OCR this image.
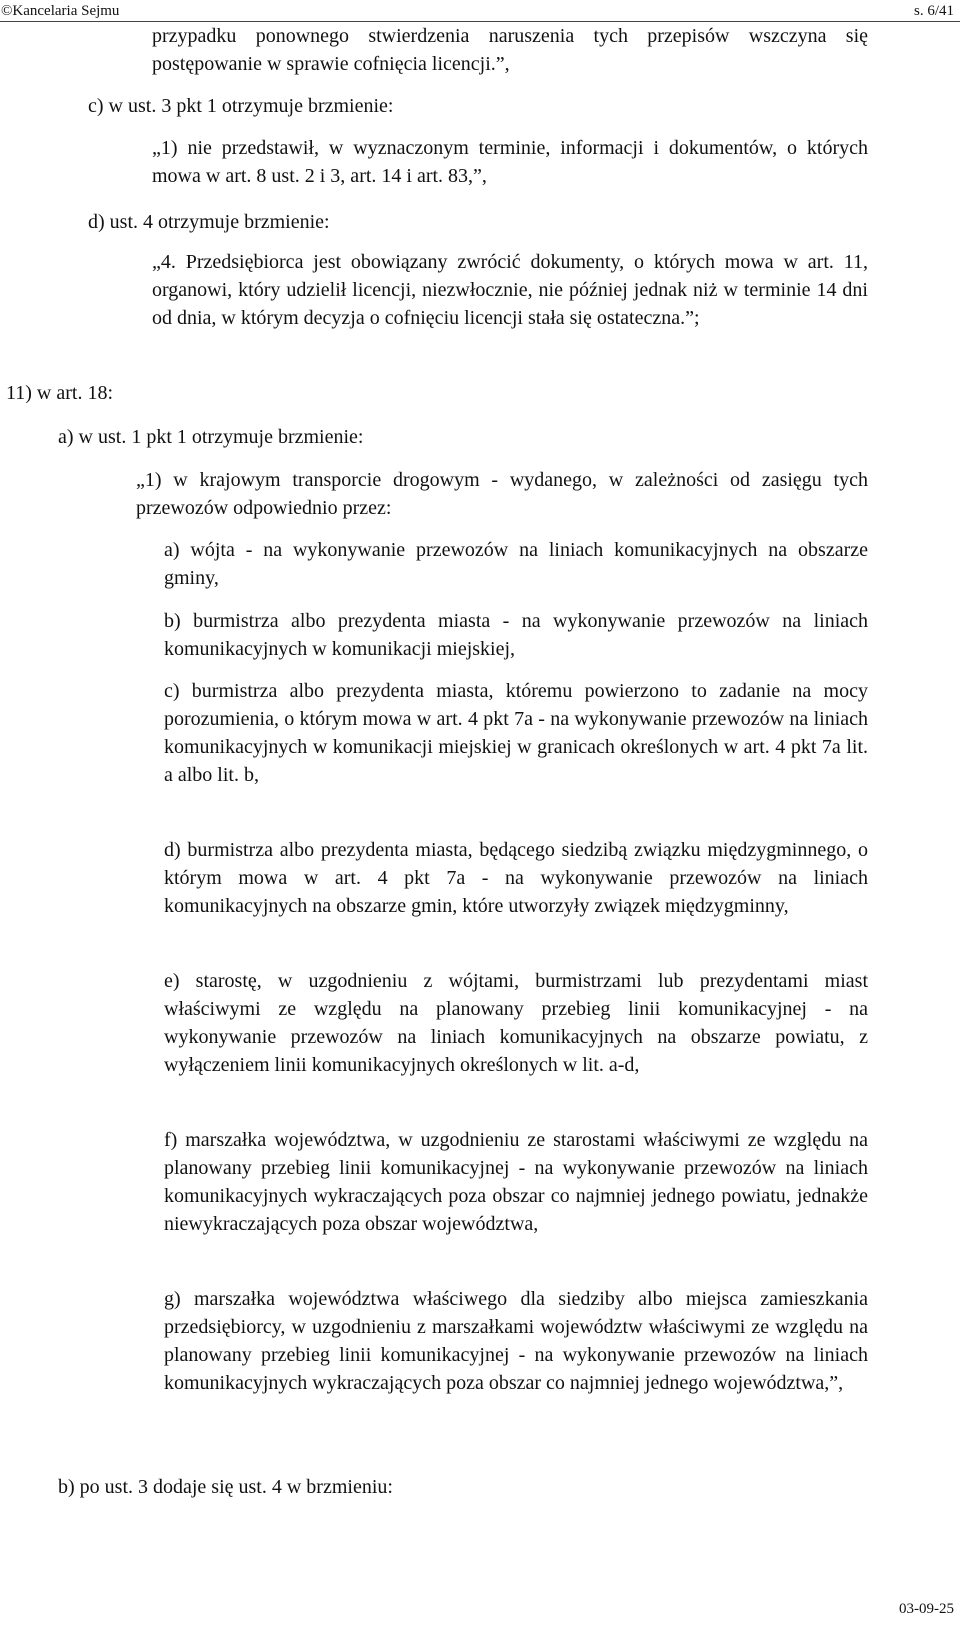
©Kancelaria Sejmu	s. 6/41
przypadku ponownego stwierdzenia naruszenia tych przepisów wszczyna się postępowanie w sprawie cofnięcia licencji.”,
c) w ust. 3 pkt 1 otrzymuje brzmienie:
„1) nie przedstawił, w wyznaczonym terminie, informacji i dokumentów, o których mowa w art. 8 ust. 2 i 3, art. 14 i art. 83,”,
d) ust. 4 otrzymuje brzmienie:
„4. Przedsiębiorca jest obowiązany zwrócić dokumenty, o których mowa w art. 11, organowi, który udzielił licencji, niezwłocznie, nie później jednak niż w terminie 14 dni od dnia, w którym decyzja o cofnięciu licencji stała się ostateczna.”;
11) w art. 18:
a) w ust. 1 pkt 1 otrzymuje brzmienie:
„1) w krajowym transporcie drogowym - wydanego, w zależności od zasięgu tych przewozów odpowiednio przez:
a) wójta - na wykonywanie przewozów na liniach komunikacyjnych na obszarze gminy,
b) burmistrza albo prezydenta miasta - na wykonywanie przewozów na liniach komunikacyjnych w komunikacji miejskiej,
c) burmistrza albo prezydenta miasta, któremu powierzono to zadanie na mocy porozumienia, o którym mowa w art. 4 pkt 7a - na wykonywanie przewozów na liniach komunikacyjnych w komunikacji miejskiej w granicach określonych w art. 4 pkt 7a lit. a albo lit. b,
d) burmistrza albo prezydenta miasta, będącego siedzibą związku międzygminnego, o którym mowa w art. 4 pkt 7a - na wykonywanie przewozów na liniach komunikacyjnych na obszarze gmin, które utworzyły związek międzygminny,
e) starostę, w uzgodnieniu z wójtami, burmistrzami lub prezydentami miast właściwymi ze względu na planowany przebieg linii komunikacyjnej - na wykonywanie przewozów na liniach komunikacyjnych na obszarze powiatu, z wyłączeniem linii komunikacyjnych określonych w lit. a-d,
f) marszałka województwa, w uzgodnieniu ze starostami właściwymi ze względu na planowany przebieg linii komunikacyjnej - na wykonywanie przewozów na liniach komunikacyjnych wykraczających poza obszar co najmniej jednego powiatu, jednakże niewykraczających poza obszar województwa,
g) marszałka województwa właściwego dla siedziby albo miejsca zamieszkania przedsiębiorcy, w uzgodnieniu z marszałkami województw właściwymi ze względu na planowany przebieg linii komunikacyjnej - na wykonywanie przewozów na liniach komunikacyjnych wykraczających poza obszar co najmniej jednego województwa,”,
b) po ust. 3 dodaje się ust. 4 w brzmieniu:
03-09-25
